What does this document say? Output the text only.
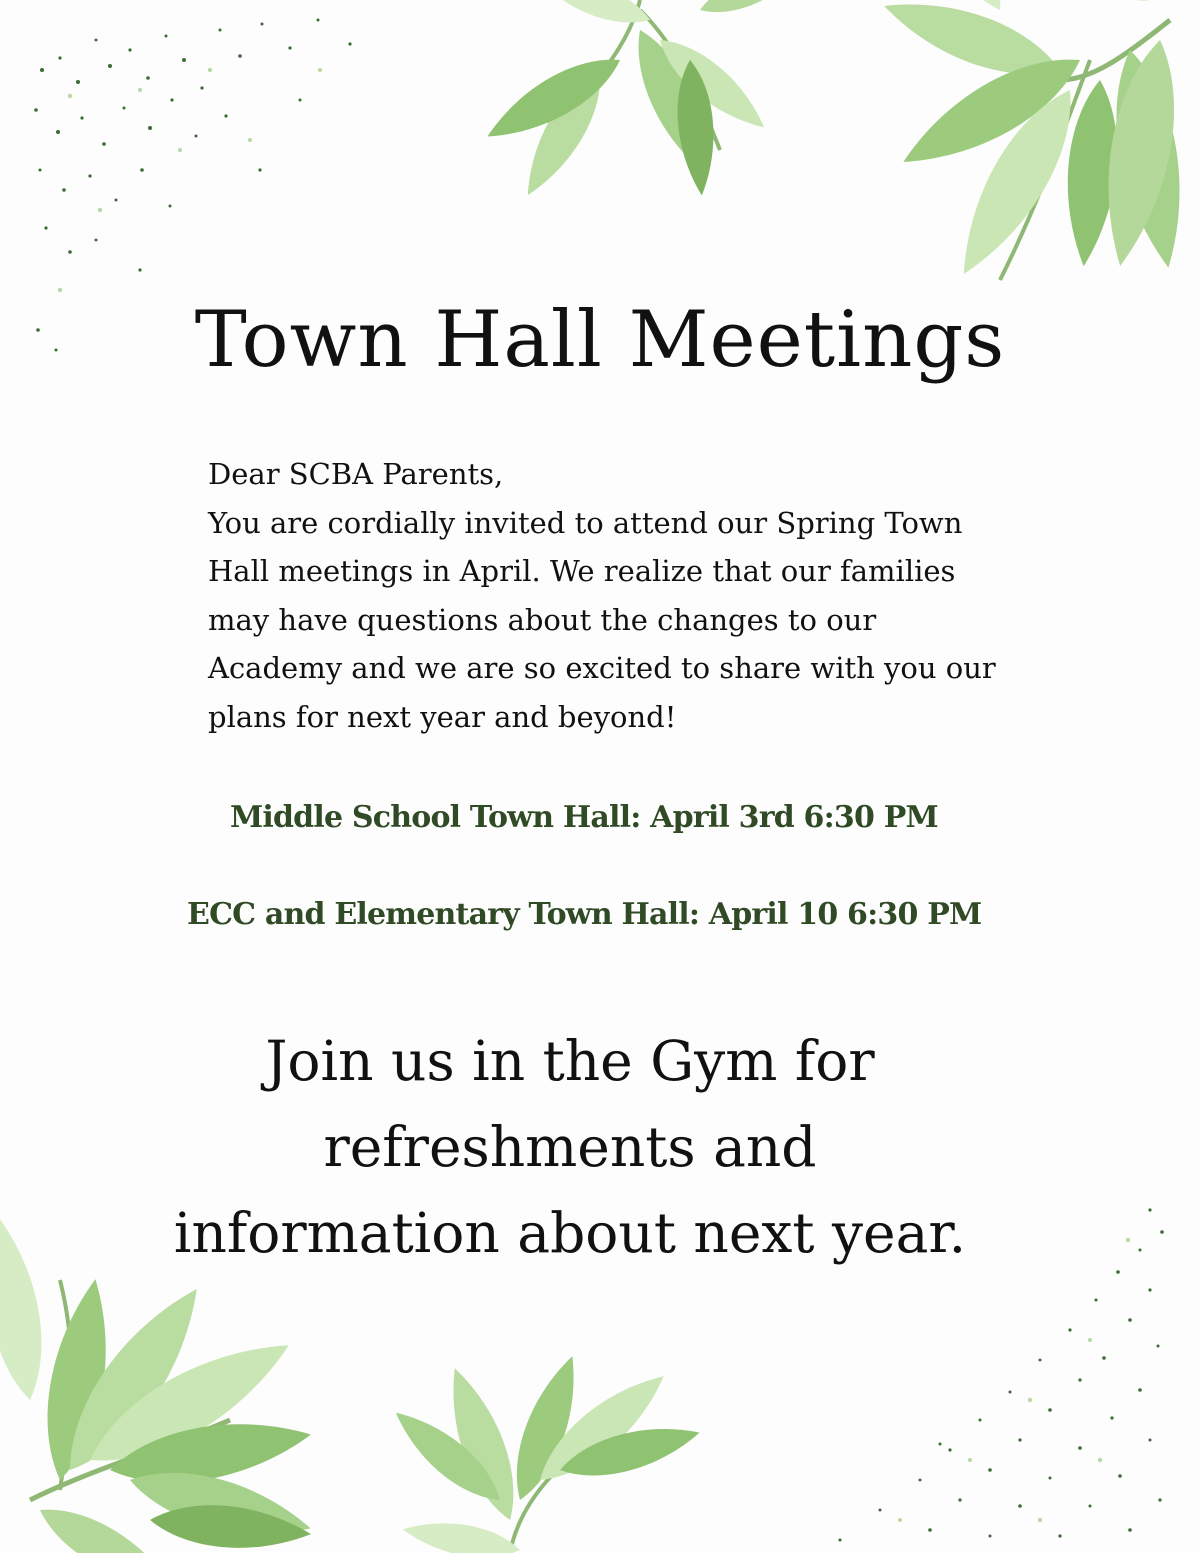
Town Hall Meetings

Dear SCBA Parents,

You are cordially invited to attend our Spring Town Hall meetings in April. We realize that our families may have questions about the changes to our Academy and we are so excited to share with you our plans for next year and beyond!

Middle School Town Hall: April 3rd 6:30 PM
ECC and Elementary Town Hall: April 10 6:30 PM

Join us in the Gym for
refreshments and
information about next year.
